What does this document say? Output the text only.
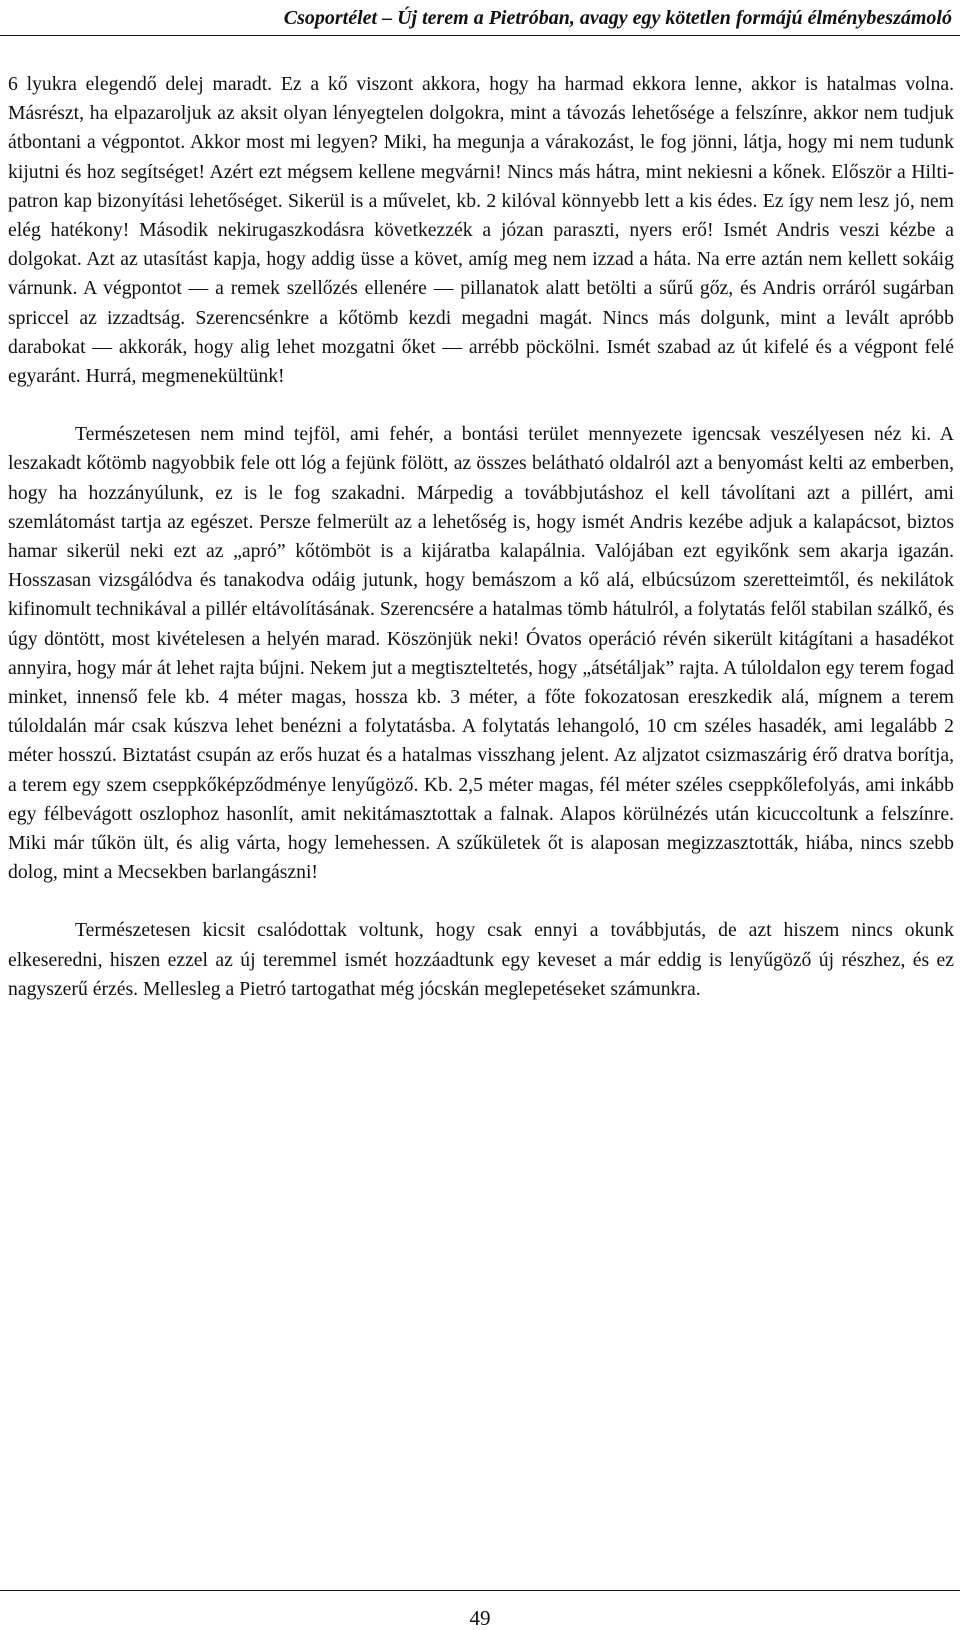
Csoportélet – Új terem a Pietróban, avagy egy kötetlen formájú élménybeszámoló

6 lyukra elegendő delej maradt. Ez a kő viszont akkora, hogy ha harmad ekkora lenne, akkor is hatalmas volna. Másrészt, ha elpazaroljuk az aksit olyan lényegtelen dolgokra, mint a távozás lehetősége a felszínre, akkor nem tudjuk átbontani a végpontot. Akkor most mi legyen? Miki, ha megunja a várakozást, le fog jönni, látja, hogy mi nem tudunk kijutni és hoz segítséget! Azért ezt mégsem kellene megvárni! Nincs más hátra, mint nekiesni a kőnek. Először a Hilti-patron kap bizonyítási lehetőséget. Sikerül is a művelet, kb. 2 kilóval könnyebb lett a kis édes. Ez így nem lesz jó, nem elég hatékony! Második nekirugaszkodásra következzék a józan paraszti, nyers erő! Ismét Andris veszi kézbe a dolgokat. Azt az utasítást kapja, hogy addig üsse a követ, amíg meg nem izzad a háta. Na erre aztán nem kellett sokáig várnunk. A végpontot — a remek szellőzés ellenére — pillanatok alatt betölti a sűrű gőz, és Andris orráról sugárban spriccel az izzadtság. Szerencsénkre a kőtömb kezdi megadni magát. Nincs más dolgunk, mint a levált apróbb darabokat — akkorák, hogy alig lehet mozgatni őket — arrébb pöckölni. Ismét szabad az út kifelé és a végpont felé egyaránt. Hurrá, megmenekültünk!

Természetesen nem mind tejföl, ami fehér, a bontási terület mennyezete igencsak veszélyesen néz ki. A leszakadt kőtömb nagyobbik fele ott lóg a fejünk fölött, az összes belátható oldalról azt a benyomást kelti az emberben, hogy ha hozzányúlunk, ez is le fog szakadni. Márpedig a továbbjutáshoz el kell távolítani azt a pillért, ami szemlátomást tartja az egészet. Persze felmerült az a lehetőség is, hogy ismét Andris kezébe adjuk a kalapácsot, biztos hamar sikerül neki ezt az „apró” kőtömböt is a kijáratba kalapálnia. Valójában ezt egyikőnk sem akarja igazán. Hosszasan vizsgálódva és tanakodva odáig jutunk, hogy bemászom a kő alá, elbúcsúzom szeretteimtől, és nekilátok kifinomult technikával a pillér eltávolításának. Szerencsére a hatalmas tömb hátulról, a folytatás felől stabilan szálkő, és úgy döntött, most kivételesen a helyén marad. Köszönjük neki! Óvatos operáció révén sikerült kitágítani a hasadékot annyira, hogy már át lehet rajta bújni. Nekem jut a megtiszteltetés, hogy „átsétáljak” rajta. A túloldalon egy terem fogad minket, innenső fele kb. 4 méter magas, hossza kb. 3 méter, a főte fokozatosan ereszkedik alá, mígnem a terem túloldalán már csak kúszva lehet benézni a folytatásba. A folytatás lehangoló, 10 cm széles hasadék, ami legalább 2 méter hosszú. Biztatást csupán az erős huzat és a hatalmas visszhang jelent. Az aljzatot csizmaszárig érő dratva borítja, a terem egy szem cseppkőképződménye lenyűgöző. Kb. 2,5 méter magas, fél méter széles cseppkőlefolyás, ami inkább egy félbevágott oszlophoz hasonlít, amit nekitámasztottak a falnak. Alapos körülnézés után kicuccoltunk a felszínre. Miki már tűkön ült, és alig várta, hogy lemehessen. A szűkületek őt is alaposan megizzasztották, hiába, nincs szebb dolog, mint a Mecsekben barlangászni!

Természetesen kicsit csalódottak voltunk, hogy csak ennyi a továbbjutás, de azt hiszem nincs okunk elkeseredni, hiszen ezzel az új teremmel ismét hozzáadtunk egy keveset a már eddig is lenyűgöző új részhez, és ez nagyszerű érzés. Mellesleg a Pietró tartogathat még jócskán meglepetéseket számunkra.

49
